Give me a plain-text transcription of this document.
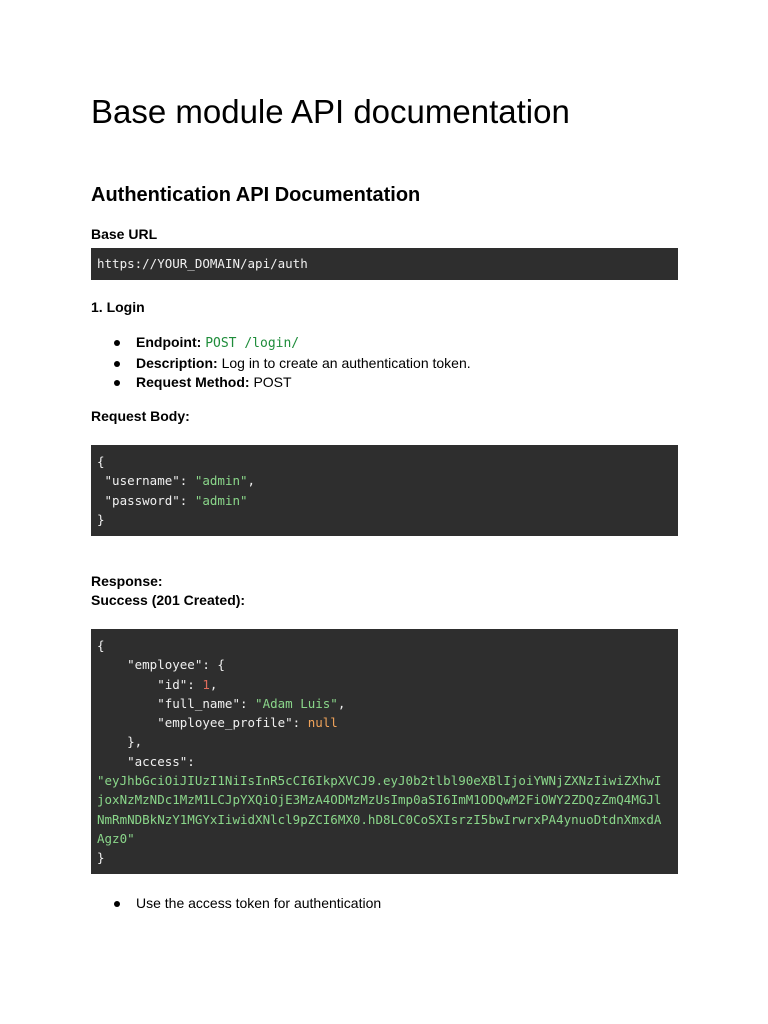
Base module API documentation
Authentication API Documentation
Base URL
https://YOUR_DOMAIN/api/auth
1. Login
Endpoint: POST /login/
Description: Log in to create an authentication token.
Request Method: POST
Request Body:
{
"username": "admin",
"password": "admin"
}
Response:
Success (201 Created):
{
"employee": {
"id": 1,
"full_name": "Adam Luis",
"employee_profile": null
},
"access":
"eyJhbGciOiJIUzI1NiIsInR5cCI6IkpXVCJ9.eyJ0b2tlbl90eXBlIjoiYWNjZXNzIiwiZXhwI
joxNzMzNDc1MzM1LCJpYXQiOjE3MzA4ODMzMzUsImp0aSI6ImM1ODQwM2FiOWY2ZDQzZmQ4MGJl
NmRmNDBkNzY1MGYxIiwidXNlcl9pZCI6MX0.hD8LC0CoSXIsrzI5bwIrwrxPA4ynuoDtdnXmxdA
Agz0"
}
Use the access token for authentication
